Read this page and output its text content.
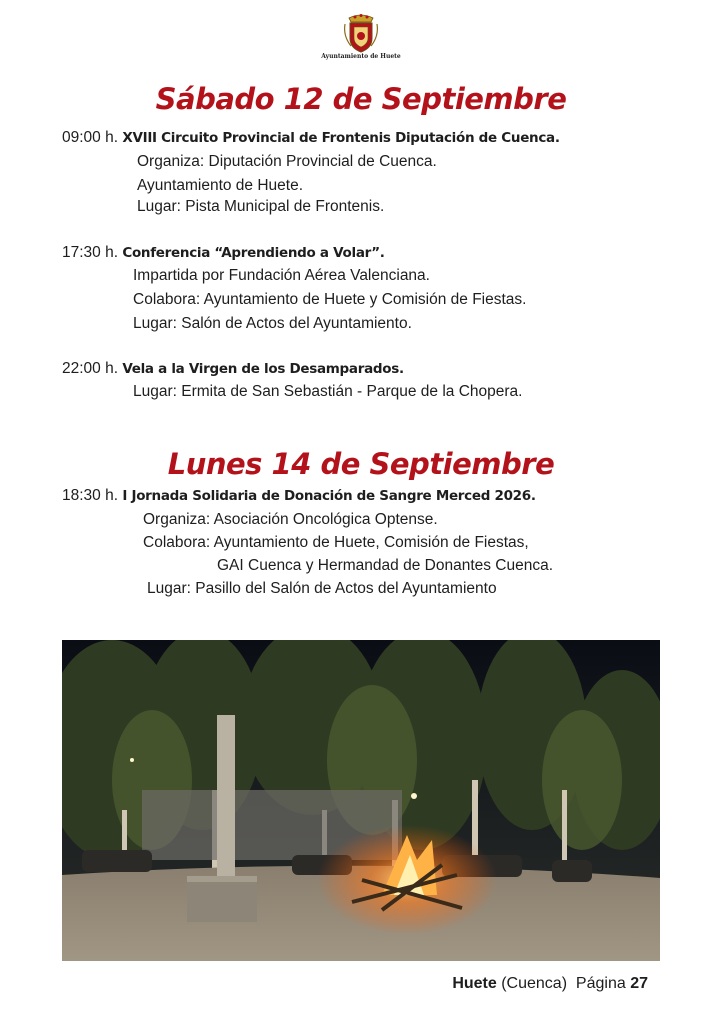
Ayuntamiento de Huete
Sábado 12 de Septiembre
09:00 h. XVIII Circuito Provincial de Frontenis Diputación de Cuenca.
Organiza: Diputación Provincial de Cuenca.
Ayuntamiento de Huete.
Lugar: Pista Municipal de Frontenis.
17:30 h. Conferencia “Aprendiendo a Volar”.
Impartida por Fundación Aérea Valenciana.
Colabora: Ayuntamiento de Huete y Comisión de Fiestas.
Lugar: Salón de Actos del Ayuntamiento.
22:00 h. Vela a la Virgen de los Desamparados.
Lugar: Ermita de San Sebastián - Parque de la Chopera.
Lunes 14 de Septiembre
18:30 h. I Jornada Solidaria de Donación de Sangre Merced 2026.
Organiza: Asociación Oncológica Optense.
Colabora: Ayuntamiento de Huete, Comisión de Fiestas,
GAI Cuenca y Hermandad de Donantes Cuenca.
Lugar: Pasillo del Salón de Actos del Ayuntamiento
Huete (Cuenca) Página 27
